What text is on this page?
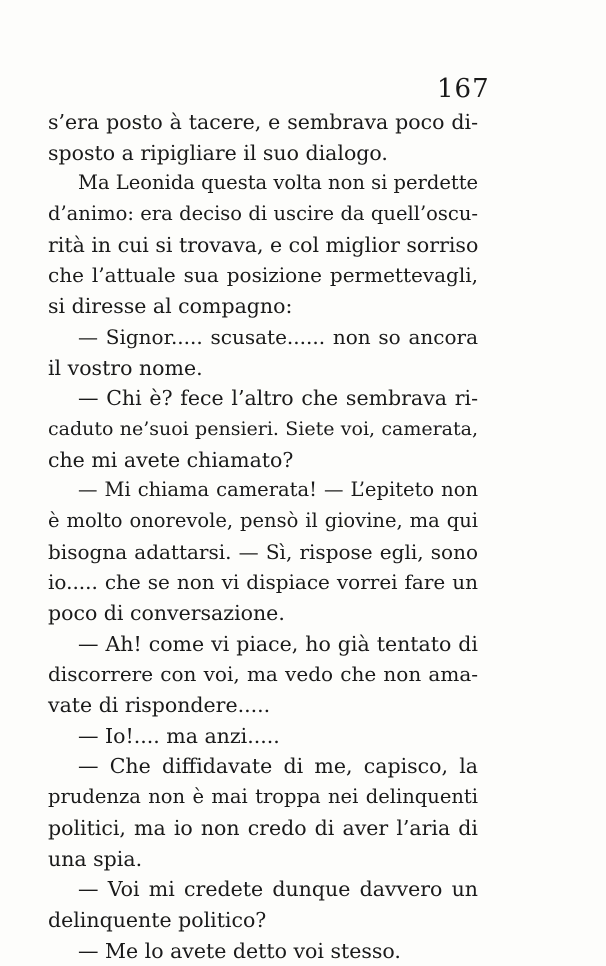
167
s’era posto à tacere, e sembrava poco di-
sposto a ripigliare il suo dialogo.
Ma Leonida questa volta non si perdette
d’animo: era deciso di uscire da quell’oscu-
rità in cui si trovava, e col miglior sorriso
che l’attuale sua posizione permettevagli,
si diresse al compagno:
— Signor..... scusate...... non so ancora
il vostro nome.
— Chi è? fece l’altro che sembrava ri-
caduto ne’suoi pensieri. Siete voi, camerata,
che mi avete chiamato?
— Mi chiama camerata! — L’epiteto non
è molto onorevole, pensò il giovine, ma qui
bisogna adattarsi. — Sì, rispose egli, sono
io..... che se non vi dispiace vorrei fare un
poco di conversazione.
— Ah! come vi piace, ho già tentato di
discorrere con voi, ma vedo che non ama-
vate di rispondere.....
— Io!.... ma anzi.....
— Che diffidavate di me, capisco, la
prudenza non è mai troppa nei delinquenti
politici, ma io non credo di aver l’aria di
una spia.
— Voi mi credete dunque davvero un
delinquente politico?
— Me lo avete detto voi stesso.
